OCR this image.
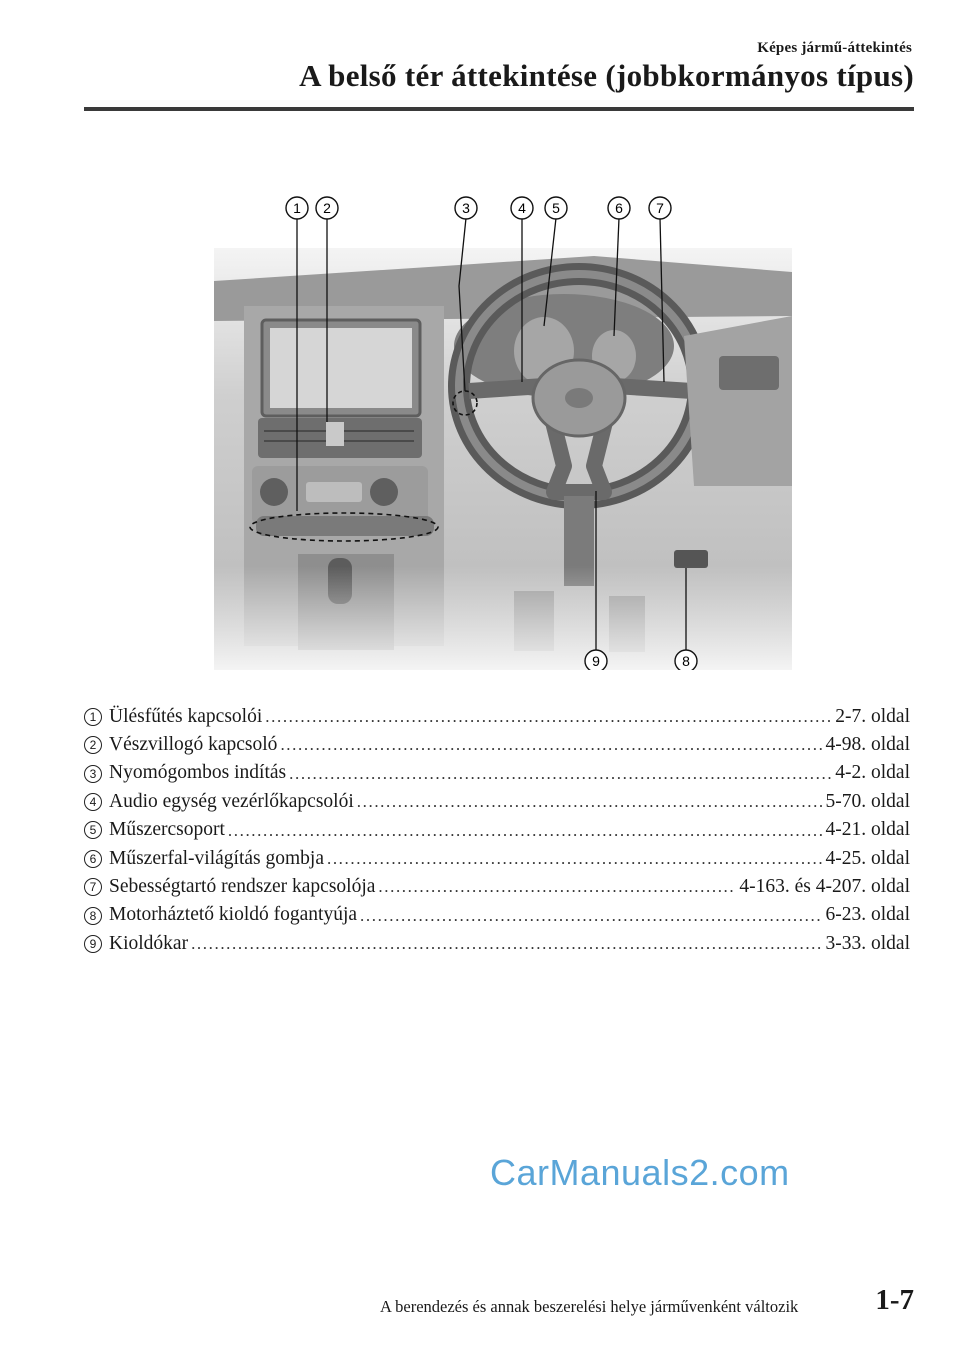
Képes jármű-áttekintés
A belső tér áttekintése (jobbkormányos típus)
1 2	3	4 5	6 7
9	8
1 Ülésfűtés kapcsolói .....	2-7. oldal
2 Vészvillogó kapcsoló .....	4-98. oldal
3 Nyomógombos indítás .....	4-2. oldal
4 Audio egység vezérlőkapcsolói .....	5-70. oldal
5 Műszercsoport .....	4-21. oldal
6 Műszerfal-világítás gombja .....	4-25. oldal
7 Sebességtartó rendszer kapcsolója .....	4-163. és 4-207. oldal
8 Motorháztető kioldó fogantyúja .....	6-23. oldal
9 Kioldókar .....	3-33. oldal
CarManuals2.com
A berendezés és annak beszerelési helye járművenként változik	1-7
